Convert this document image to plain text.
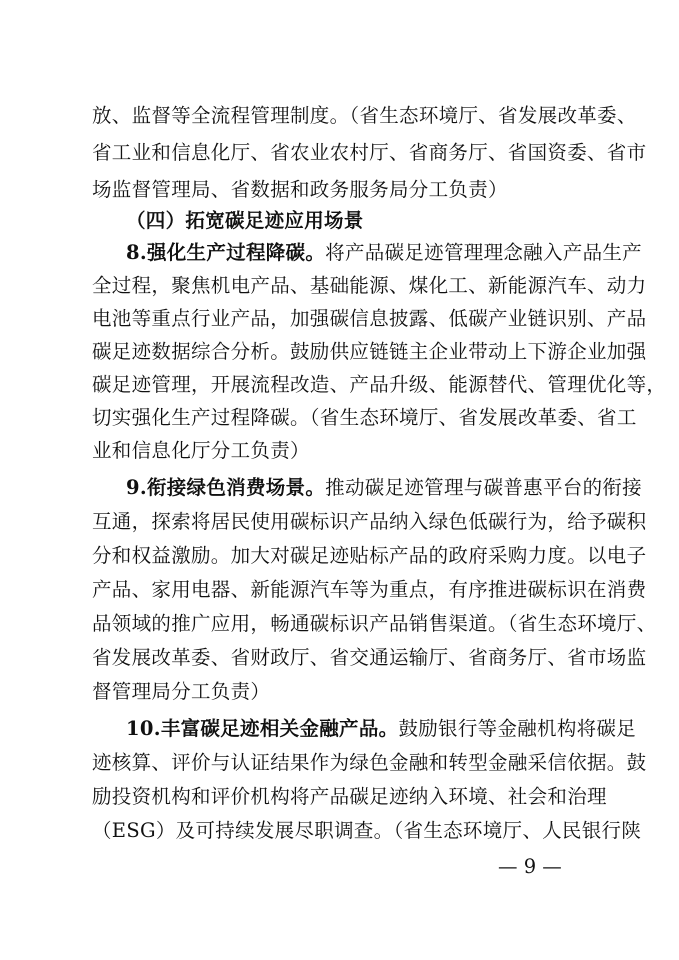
放、监督等全流程管理制度。（省生态环境厅、省发展改革委、
省工业和信息化厅、省农业农村厅、省商务厅、省国资委、省市
场监督管理局、省数据和政务服务局分工负责）
（四）拓宽碳足迹应用场景
8.强化生产过程降碳。将产品碳足迹管理理念融入产品生产
全过程，聚焦机电产品、基础能源、煤化工、新能源汽车、动力
电池等重点行业产品，加强碳信息披露、低碳产业链识别、产品
碳足迹数据综合分析。鼓励供应链链主企业带动上下游企业加强
碳足迹管理，开展流程改造、产品升级、能源替代、管理优化等，
切实强化生产过程降碳。（省生态环境厅、省发展改革委、省工
业和信息化厅分工负责）
9.衔接绿色消费场景。推动碳足迹管理与碳普惠平台的衔接
互通，探索将居民使用碳标识产品纳入绿色低碳行为，给予碳积
分和权益激励。加大对碳足迹贴标产品的政府采购力度。以电子
产品、家用电器、新能源汽车等为重点，有序推进碳标识在消费
品领域的推广应用，畅通碳标识产品销售渠道。（省生态环境厅、
省发展改革委、省财政厅、省交通运输厅、省商务厅、省市场监
督管理局分工负责）
10.丰富碳足迹相关金融产品。鼓励银行等金融机构将碳足
迹核算、评价与认证结果作为绿色金融和转型金融采信依据。鼓
励投资机构和评价机构将产品碳足迹纳入环境、社会和治理
（ESG）及可持续发展尽职调查。（省生态环境厅、人民银行陕
— 9 —
